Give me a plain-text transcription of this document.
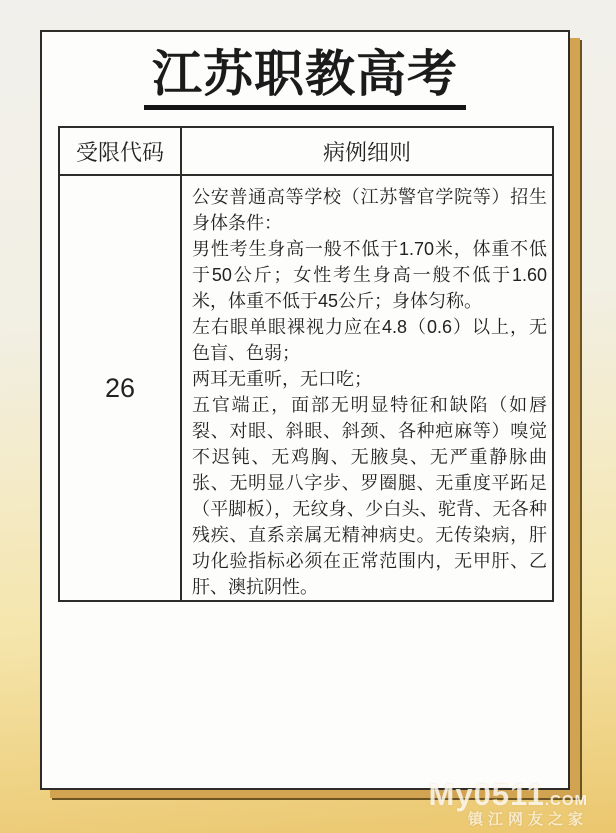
江苏职教高考
受限代码	病例细则
26

公安普通高等学校（江苏警官学院等）招生身体条件：

男性考生身高一般不低于1.70米，体重不低于50公斤；女性考生身高一般不低于1.60米，体重不低于45公斤；身体匀称。

左右眼单眼裸视力应在4.8（0.6）以上，无色盲、色弱；

两耳无重听，无口吃；

五官端正，面部无明显特征和缺陷（如唇裂、对眼、斜眼、斜颈、各种疤麻等）嗅觉不迟钝、无鸡胸、无腋臭、无严重静脉曲张、无明显八字步、罗圈腿、无重度平跖足（平脚板），无纹身、少白头、驼背、无各种残疾、直系亲属无精神病史。无传染病，肝功化验指标必须在正常范围内，无甲肝、乙肝、澳抗阴性。

My0511.COM
镇江网友之家
